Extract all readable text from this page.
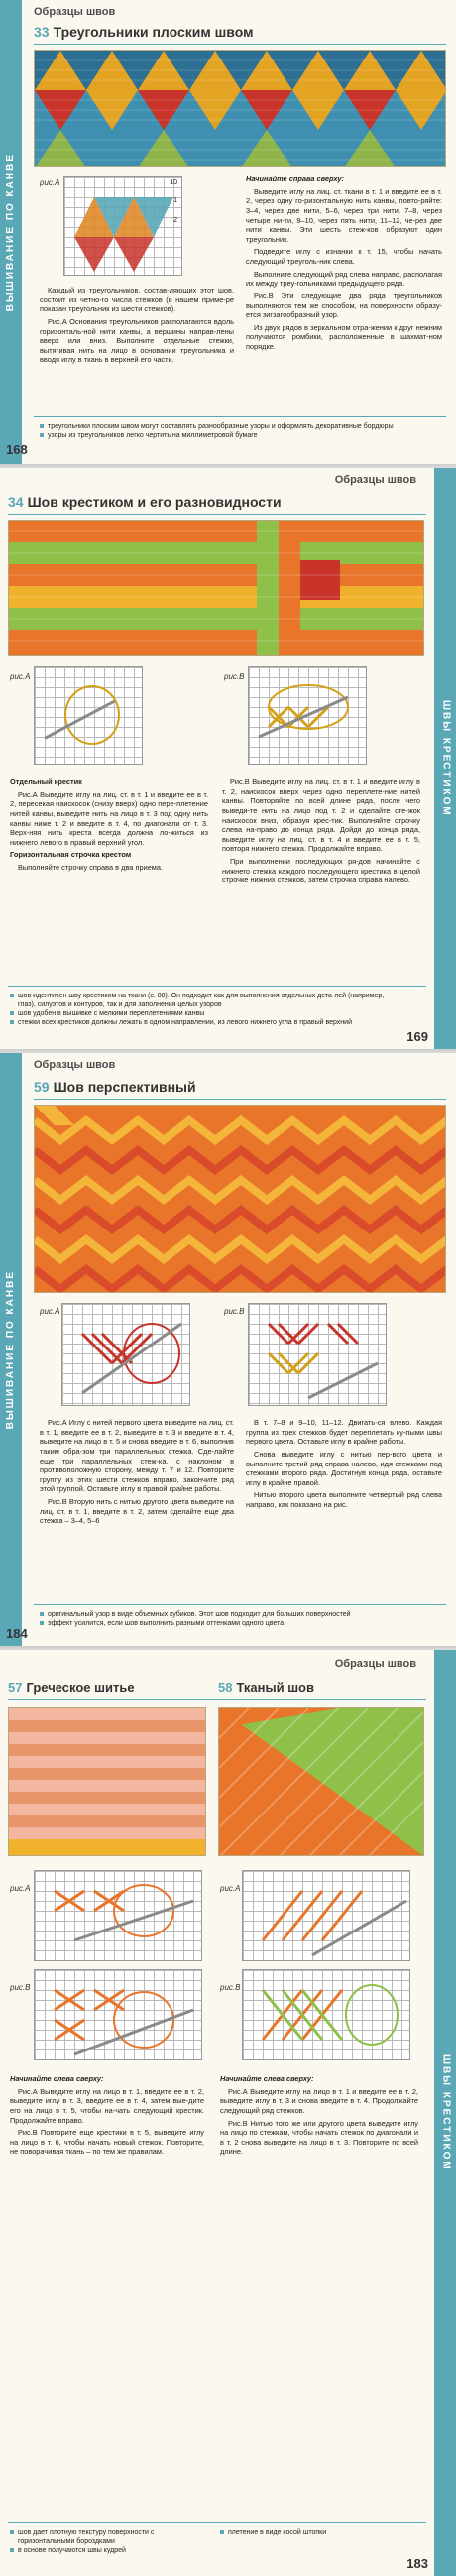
ВЫШИВАНИЕ ПО КАНВЕ
Образцы швов
33 Треугольники плоским швом
рис.А	10
1
2

Каждый из треугольников, состав-ляющих этот шов, состоит из четно-го числа стежков (в нашем приме-ре показан треугольник из шести стежков).

Рис.А Основания треугольников располагаются вдоль горизонталь-ной нити канвы, а вершины направ-лены вверх или вниз. Выполните отдельные стежки, вытягивая нить на лицо в основании треугольника и вводя иглу в ткань в верхней его части.

Начинайте справа сверху:

Выведите иглу на лиц. ст. ткани в т. 1 и введите ее в т. 2, через одну го-ризонтальную нить канвы, повто-ряйте: 3–4, через две нити, 5–6, через три нити, 7–8, через четыре ни-ти, 9–10, через пять нити, 11–12, че-рез две нити канвы. Эти шесть стеж-ков образуют один треугольник.

Подведите иглу с изнанки к т. 15, чтобы начать следующий треуголь-ник слева.

Выполните следующий ряд слева направо, располагая их между треу-гольниками предыдущего ряда.

Рис.В Эти следующие два ряда треугольников выполняются тем же способом, на поверхности образу-ется зигзагообразный узор.

Из двух рядов в зеркальном отра-жении к друг нежним получаются ромбики, расположенные в шахмат-ном порядке.

168
треугольники плоским швом могут составлять разнообразные узоры и оформлять декоративные бордюры
узоры из треугольников легко чертить на миллиметровой бумаге
ШВЫ КРЕСТИКОМ
Образцы швов
34 Шов крестиком и его разновидности
рис.А	рис.В

Отдельный крестик

Рис.А Выведите иглу на лиц. ст. в т. 1 и введите ее в т. 2, пересекая наискосок (снизу вверх) одно пере-плетение нитей канвы, выведите нить на лицо в т. 3 под одну нить канвы ниже т. 2 и введите в т. 4, по диагонали от т. 3. Верх-няя нить креста всегда должна ло-житься из нижнего левого в правый верхний угол.

Горизонтальная строчка крестом

Выполняйте строчку справа в два приема.

Рис.В Выведите иглу на лиц. ст. в т. 1 и введите иглу в т. 2, наискосок вверх через одно переплете-ние нитей канвы. Повторяйте по всей длине ряда, после чего выведи-те нить на лицо под т. 2 и сделайте сте-жок наискосок вниз, образуя крес-тик. Выполняйте строчку слева на-право до конца ряда. Дойдя до конца ряда, выведите иглу на лиц. ст. в т. 4 и введите ее в т. 5, повторя нижнего стежка. Продолжайте вправо.

При выполнении последующих ря-дов начинайте с нижнего стежка каждого последующего крестика в целой строчке нижних стежков, затем строчка справа налево.

шов идентичен шву крестиком на ткани (с. 88). Он подходит как для выполнения отдельных дета-лей (например, глаз), силуэтов и контуров, так и для заполнения целых узоров
шов удобен в вышивке с мелкими переплетениями канвы
стежки всех крестиков должны лежать в одном направлении, из левого нижнего угла в правый верхний
169
ВЫШИВАНИЕ ПО КАНВЕ
Образцы швов
59 Шов перспективный
рис.А	рис.В

Рис.А Иглу с нитей первого цвета выведите на лиц. ст. в т. 1, введите ее в т. 2, выведите в т. 3 и введите в т. 4, выведите на лицо в т. 5 и снова введите в т. 6, выполнив таким обра-зом три параллельных стежка. Сде-лайте еще три параллельных стеж-ка, с наклоном в противоположную сторону, между т. 7 и 12. Повторите группу из этих шести стежков вправо, закончите ряд этой группой. Оставьте иглу в правой крайне работы.

Рис.В Вторую нить с нитью другого цвета выведите на лиц. ст. в т. 1, введите в т. 2, затем сделайте еще два стежка – 3–4, 5–6

В т. 7–8 и 9–10, 11–12. Двигать-ся влево. Каждая группа из трех стежков будет переплетать ку-пыми швы первого цвета. Оставьте иглу в крайне работы.

Снова выведите иглу с нитью пер-вого цвета и выполните третий ряд справа налево, идя стежками под стежками второго ряда. Достигнув конца ряда, оставьте иглу в крайне правой.

Нитью второго цвета выполните четвертый ряд слева направо, как показано на рис.

184
оригинальный узор в виде объемных кубиков. Этот шов подходит для больших поверхностей
эффект усилится, если шов выполнить разными оттенками одного цвета
ШВЫ КРЕСТИКОМ
Образцы швов
57 Греческое шитье	58 Тканый шов
рис.А
рис.В
рис.А
рис.В

Начинайте слева сверху:

Рис.А Выведите иглу на лицо в т. 1, введите ее в т. 2, выведите иглу в т. 3, введите ее в т. 4, затем вые-дите его на лицо в т. 5, чтобы на-чать следующий крестик. Продолжайте вправо.

Рис.В Повторите еще крестики в т. 5, выведите иглу на лицо в т. 6, чтобы начать новый стежок. Повторите, не поворачивая ткань – по тем же правилам.

Начинайте слева сверху:

Рис.А Выведите иглу на лицо в т. 1 и введите ее в т. 2, выведите иглу в т. 3 и снова введите в т. 4. Продолжайте следующий ряд стежков.

Рис.В Нитью того же или другого цвета выведите иглу на лицо по стежкам, чтобы начать стежок по диагонали и в т. 2 снова выведите на лицо в т. 3. Повторите по всей длине.

шов дает плотную текстуру поверхности с горизонтальными бороздками
в основе получаются швы кудрей
плетение в виде косой штопки
183
